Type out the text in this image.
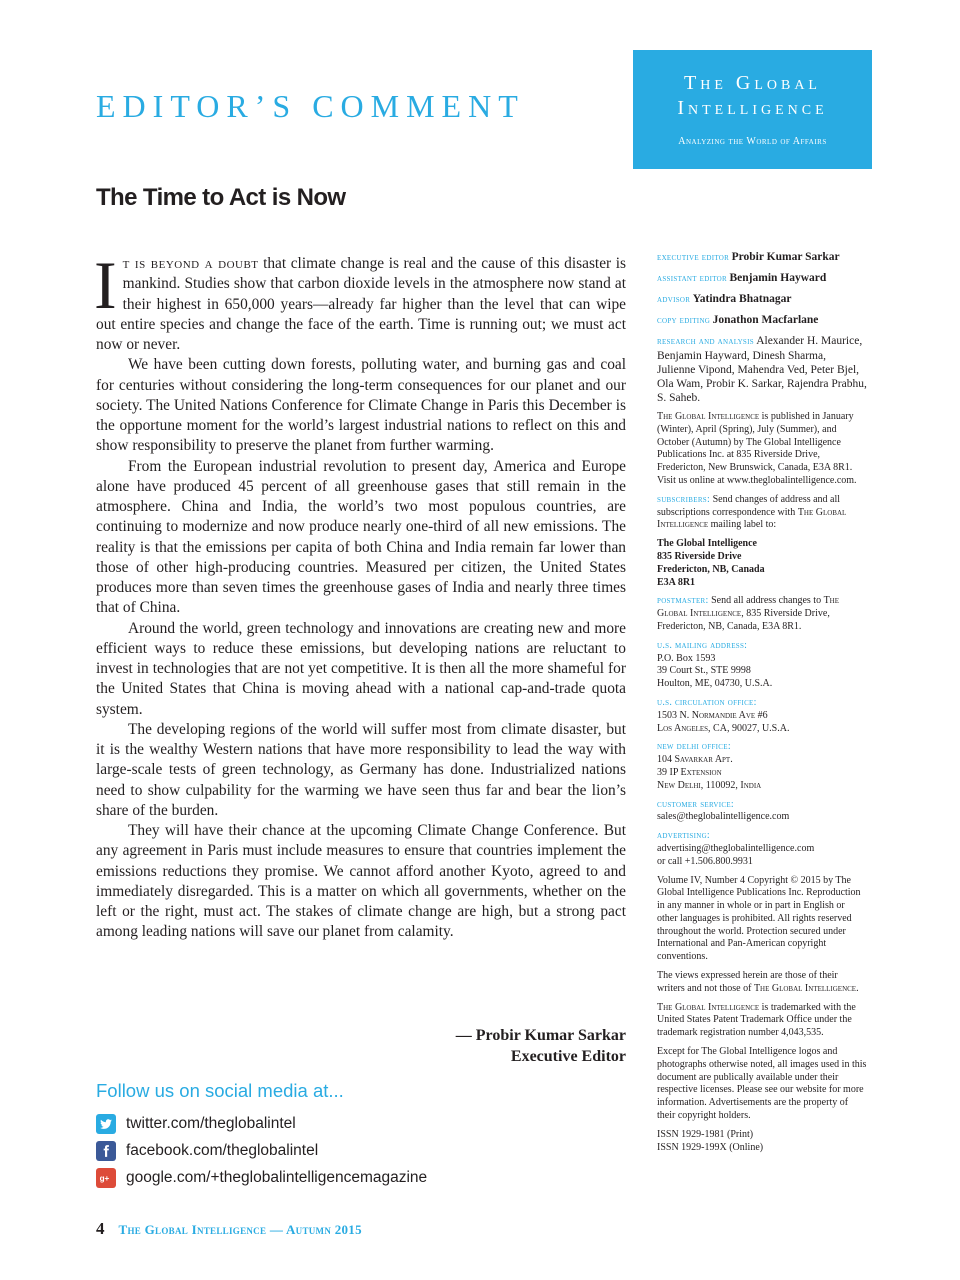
EDITOR’S COMMENT
The Global
Intelligence
Analyzing the World of Affairs
The Time to Act is Now

It is beyond a doubt that climate change is real and the cause of this disaster is mankind. Studies show that carbon dioxide levels in the atmosphere now stand at their highest in 650,000 years—already far higher than the level that can wipe out entire species and change the face of the earth. Time is running out; we must act now or never.

We have been cutting down forests, polluting water, and burning gas and coal for centuries without considering the long-term consequences for our planet and our society. The United Nations Conference for Climate Change in Paris this December is the opportune moment for the world’s largest industrial nations to reflect on this and show responsibility to preserve the planet from further warming.

From the European industrial revolution to present day, America and Europe alone have produced 45 percent of all greenhouse gases that still remain in the atmosphere. China and India, the world’s two most populous countries, are continuing to modernize and now produce nearly one-third of all new emissions. The reality is that the emissions per capita of both China and India remain far lower than those of other high-producing countries. Measured per citizen, the United States produces more than seven times the greenhouse gases of India and nearly three times that of China.

Around the world, green technology and innovations are creating new and more efficient ways to reduce these emissions, but developing nations are reluctant to invest in technologies that are not yet competitive. It is then all the more shameful for the United States that China is moving ahead with a national cap-and-trade quota system.

The developing regions of the world will suffer most from climate disaster, but it is the wealthy Western nations that have more responsibility to lead the way with large-scale tests of green technology, as Germany has done. Industrialized nations need to show culpability for the warming we have seen thus far and bear the lion’s share of the burden.

They will have their chance at the upcoming Climate Change Conference. But any agreement in Paris must include measures to ensure that countries implement the emissions reductions they promise. We cannot afford another Kyoto, agreed to and immediately disregarded. This is a matter on which all governments, whether on the left or the right, must act. The stakes of climate change are high, but a strong pact among leading nations will save our planet from calamity.

— Probir Kumar Sarkar
Executive Editor
Follow us on social media at...
twitter.com/theglobalintel
facebook.com/theglobalintel
g+ google.com/+theglobalintelligencemagazine
4 The Global Intelligence — Autumn 2015

executive editor Probir Kumar Sarkar

assistant editor Benjamin Hayward

advisor Yatindra Bhatnagar

copy editing Jonathon Macfarlane

research and analysis Alexander H. Maurice, Benjamin Hayward, Dinesh Sharma, Julienne Vipond, Mahendra Ved, Peter Bjel, Ola Wam, Probir K. Sarkar, Rajendra Prabhu, S. Saheb.

The Global Intelligence is published in January (Winter), April (Spring), July (Summer), and October (Autumn) by The Global Intelligence Publications Inc. at 835 Riverside Drive, Fredericton, New Brunswick, Canada, E3A 8R1. Visit us online at www.theglobalintelligence.com.

subscribers: Send changes of address and all subscriptions correspondence with The Global Intelligence mailing label to:

The Global Intelligence
835 Riverside Drive
Fredericton, NB, Canada
E3A 8R1

postmaster: Send all address changes to The Global Intelligence, 835 Riverside Drive, Fredericton, NB, Canada, E3A 8R1.

u.s. mailing address:
P.O. Box 1593
39 Court St., STE 9998
Houlton, ME, 04730, U.S.A.

u.s. circulation office:
1503 N. Normandie Ave #6
Los Angeles, CA, 90027, U.S.A.

new delhi office:
104 Savarkar Apt.
39 IP Extension
New Delhi, 110092, India

customer service:
sales@theglobalintelligence.com

advertising:
advertising@theglobalintelligence.com
or call +1.506.800.9931

Volume IV, Number 4 Copyright © 2015 by The Global Intelligence Publications Inc. Reproduction in any manner in whole or in part in English or other languages is prohibited. All rights reserved throughout the world. Protection secured under International and Pan-American copyright conventions.

The views expressed herein are those of their writers and not those of The Global Intelligence.

The Global Intelligence is trademarked with the United States Patent Trademark Office under the trademark registration number 4,043,535.

Except for The Global Intelligence logos and photographs otherwise noted, all images used in this document are publically available under their respective licenses. Please see our website for more information. Advertisements are the property of their copyright holders.

ISSN 1929-1981 (Print)
ISSN 1929-199X (Online)
